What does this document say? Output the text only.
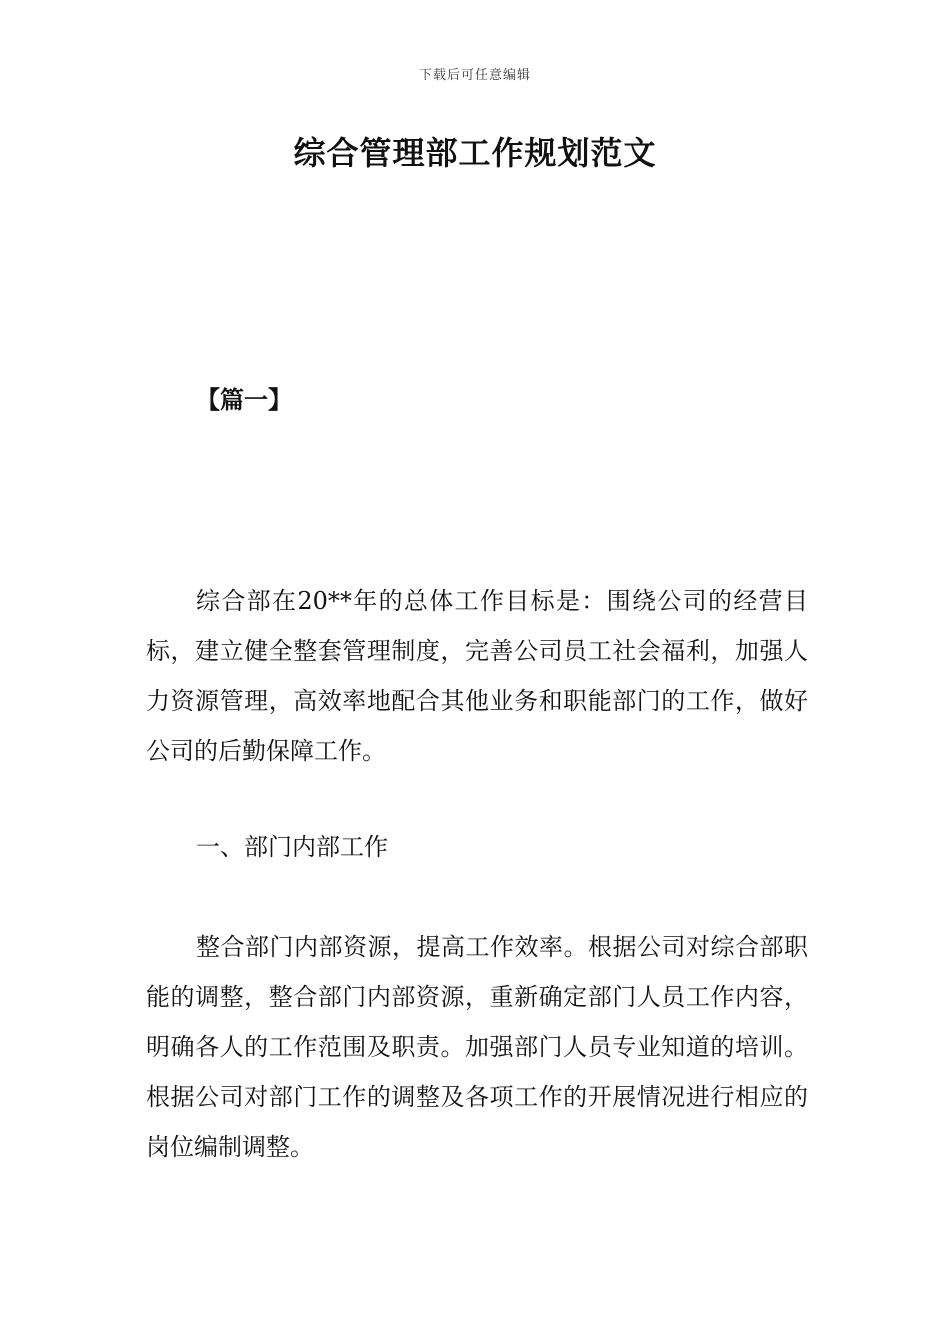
下载后可任意编辑
综合管理部工作规划范文
【篇一】

综合部在20**年的总体工作目标是：围绕公司的经营目标，建立健全整套管理制度，完善公司员工社会福利，加强人力资源管理，高效率地配合其他业务和职能部门的工作，做好公司的后勤保障工作。

一、部门内部工作

整合部门内部资源，提高工作效率。根据公司对综合部职能的调整，整合部门内部资源，重新确定部门人员工作内容，明确各人的工作范围及职责。加强部门人员专业知道的培训。根据公司对部门工作的调整及各项工作的开展情况进行相应的岗位编制调整。
